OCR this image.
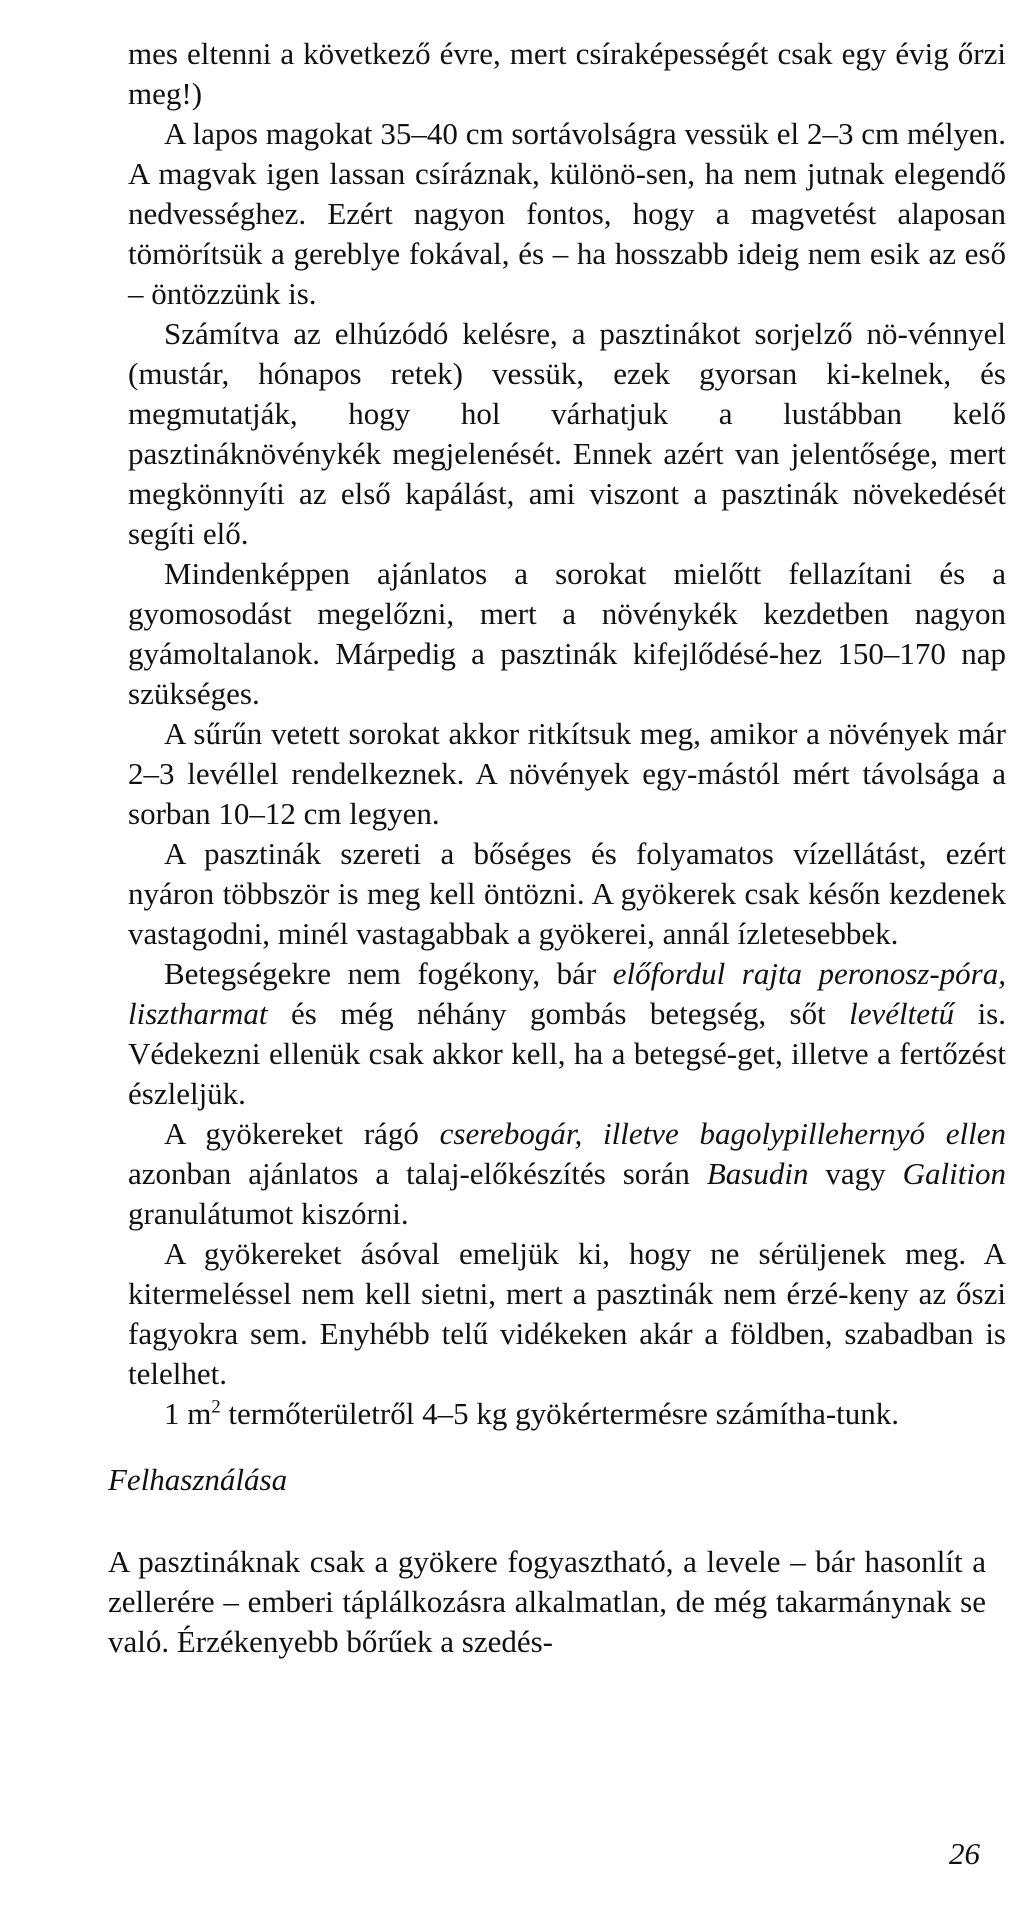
mes eltenni a következő évre, mert csíraképességét csak egy évig őrzi meg!)

A lapos magokat 35–40 cm sortávolságra vessük el 2–3 cm mélyen. A magvak igen lassan csíráznak, különö-sen, ha nem jutnak elegendő nedvességhez. Ezért nagyon fontos, hogy a magvetést alaposan tömörítsük a gereblye fokával, és – ha hosszabb ideig nem esik az eső – öntözzünk is.

Számítva az elhúzódó kelésre, a pasztinákot sorjelző nö-vénnyel (mustár, hónapos retek) vessük, ezek gyorsan ki-kelnek, és megmutatják, hogy hol várhatjuk a lustábban kelő pasztináknövénykék megjelenését. Ennek azért van jelentősége, mert megkönnyíti az első kapálást, ami viszont a pasztinák növekedését segíti elő.

Mindenképpen ajánlatos a sorokat mielőtt fellazítani és a gyomosodást megelőzni, mert a növénykék kezdetben nagyon gyámoltalanok. Márpedig a pasztinák kifejlődésé-hez 150–170 nap szükséges.

A sűrűn vetett sorokat akkor ritkítsuk meg, amikor a növények már 2–3 levéllel rendelkeznek. A növények egy-mástól mért távolsága a sorban 10–12 cm legyen.

A pasztinák szereti a bőséges és folyamatos vízellátást, ezért nyáron többször is meg kell öntözni. A gyökerek csak későn kezdenek vastagodni, minél vastagabbak a gyökerei, annál ízletesebbek.

Betegségekre nem fogékony, bár előfordul rajta peronosz-póra, lisztharmat és még néhány gombás betegség, sőt levéltetű is. Védekezni ellenük csak akkor kell, ha a betegsé-get, illetve a fertőzést észleljük.

A gyökereket rágó cserebogár, illetve bagolypillehernyó ellen azonban ajánlatos a talaj-előkészítés során Basudin vagy Galition granulátumot kiszórni.

A gyökereket ásóval emeljük ki, hogy ne sérüljenek meg. A kitermeléssel nem kell sietni, mert a pasztinák nem érzé-keny az őszi fagyokra sem. Enyhébb telű vidékeken akár a földben, szabadban is telelhet.

1 $m^2$ termőterületről 4–5 kg gyökértermésre számítha-tunk.

Felhasználása

A pasztináknak csak a gyökere fogyasztható, a levele – bár hasonlít a zellerére – emberi táplálkozásra alkalmatlan, de még takarmánynak se való. Érzékenyebb bőrűek a szedés-

26
